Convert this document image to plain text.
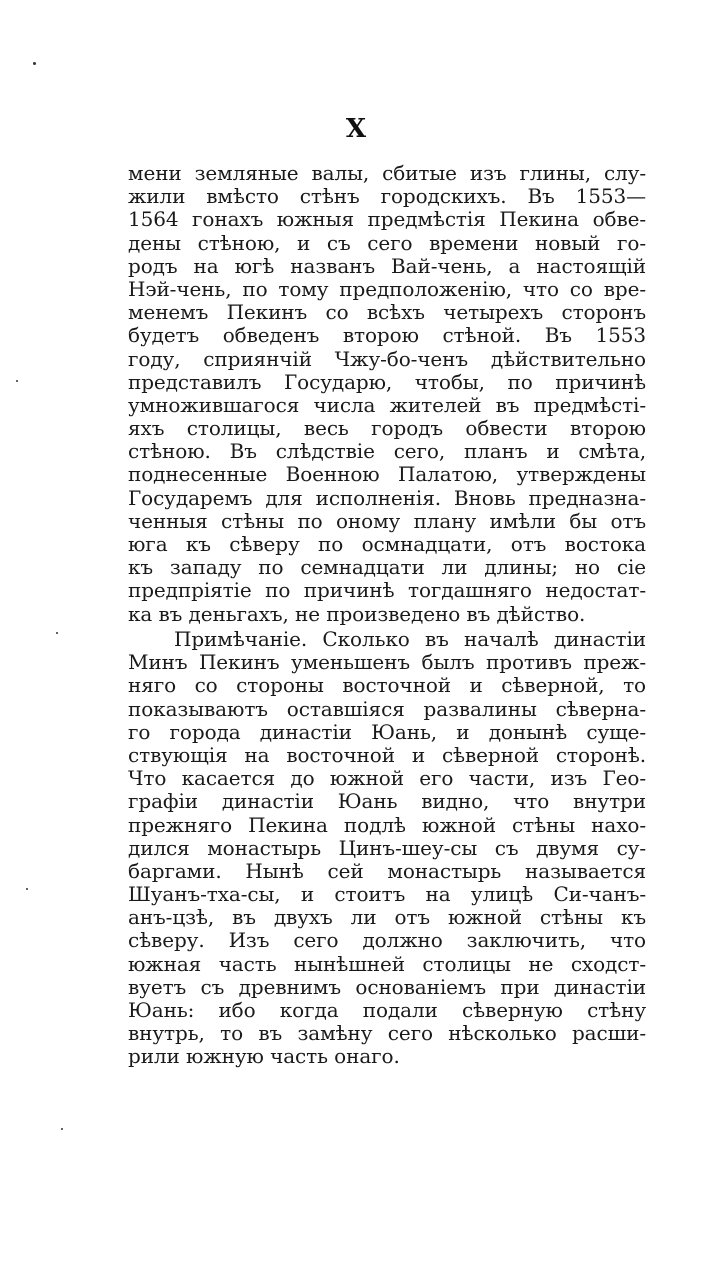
X
мени земляные валы, сбитые изъ глины, слу-
жили вмѣсто стѣнъ городскихъ. Въ 1553—
1564 гонахъ южныя предмѣстія Пекина обве-
дены стѣною, и съ сего времени новый го-
родъ на югѣ названъ Вай-чень, а настоящій
Нэй-чень, по тому предположенію, что со вре-
менемъ Пекинъ со всѣхъ четырехъ сторонъ
будетъ обведенъ второю стѣной. Въ 1553
году, сприянчій Чжу-бо-ченъ дѣйствительно
представилъ Государю, чтобы, по причинѣ
умножившагося числа жителей въ предмѣстi-
яхъ столицы, весь городъ обвести второю
стѣною. Въ слѣдствіе сего, планъ и смѣта,
поднесенные Военною Палатою, утверждены
Государемъ для исполненія. Вновь предназна-
ченныя стѣны по оному плану имѣли бы отъ
юга къ сѣверу по осмнадцати, отъ востока
къ западу по семнадцати ли длины; но сiе
предпріятіе по причинѣ тогдашняго недостат-
ка въ деньгахъ, не произведено въ дѣйство.
Примѣчаніе. Сколько въ началѣ династіи
Минъ Пекинъ уменьшенъ былъ противъ преж-
няго со стороны восточной и сѣверной, то
показываютъ оставшіяся развалины сѣверна-
го города династіи Юань, и донынѣ суще-
ствующія на восточной и сѣверной сторонѣ.
Что касается до южной его части, изъ Гео-
графіи династіи Юань видно, что внутри
прежняго Пекина подлѣ южной стѣны нахо-
дился монастырь Цинъ-шеу-сы съ двумя су-
баргами. Нынѣ сей монастырь называется
Шуанъ-тха-сы, и стоитъ на улицѣ Си-чанъ-
анъ-цзѣ, въ двухъ ли отъ южной стѣны къ
сѣверу. Изъ сего должно заключить, что
южная часть нынѣшней столицы не сходст-
вуетъ съ древнимъ основаніемъ при династіи
Юань: ибо когда подали сѣверную стѣну
внутрь, то въ замѣну сего нѣсколько расши-
рили южную часть онаго.
